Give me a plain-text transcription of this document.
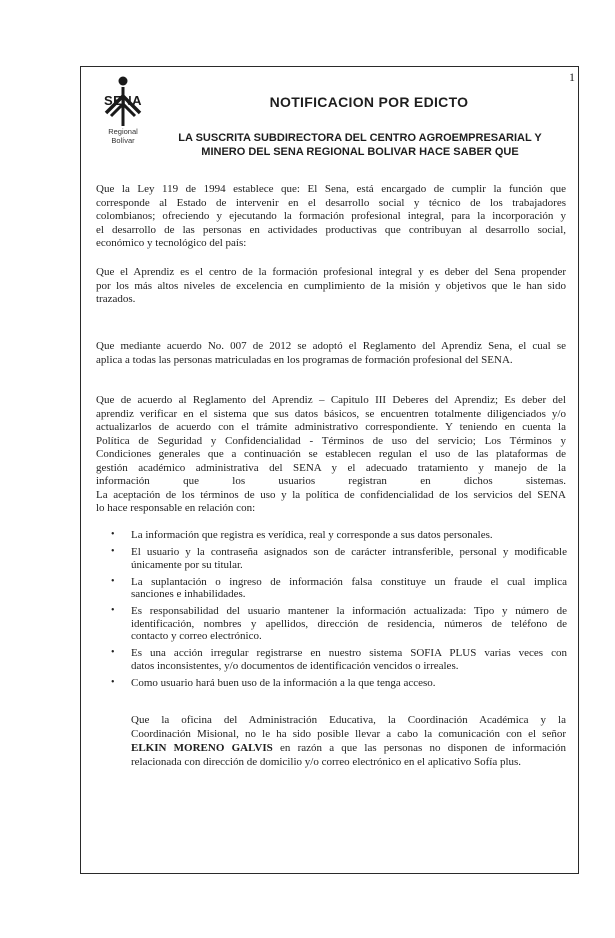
1
SENA
Regional
Bolívar
NOTIFICACION POR EDICTO
LA SUSCRITA SUBDIRECTORA DEL CENTRO AGROEMPRESARIAL Y
MINERO DEL SENA REGIONAL BOLIVAR HACE SABER QUE
Que la Ley 119 de 1994 establece que: El Sena, está encargado de cumplir la función que
corresponde al Estado de intervenir en el desarrollo social y técnico de los trabajadores
colombianos; ofreciendo y ejecutando la formación profesional integral, para la incorporación y
el desarrollo de las personas en actividades productivas que contribuyan al desarrollo social,
económico y tecnológico del país:
Que el Aprendiz es el centro de la formación profesional integral y es deber del Sena propender
por los más altos niveles de excelencia en cumplimiento de la misión y objetivos que le han sido
trazados.
Que mediante acuerdo No. 007 de 2012 se adoptó el Reglamento del Aprendiz Sena, el cual se
aplica a todas las personas matriculadas en los programas de formación profesional del SENA.
Que de acuerdo al Reglamento del Aprendiz – Capitulo III Deberes del Aprendiz; Es deber del
aprendiz verificar en el sistema que sus datos básicos, se encuentren totalmente diligenciados y/o
actualizarlos de acuerdo con el trámite administrativo correspondiente. Y teniendo en cuenta la
Política de Seguridad y Confidencialidad - Términos de uso del servicio; Los Términos y
Condiciones generales que a continuación se establecen regulan el uso de las plataformas de
gestión académico administrativa del SENA y el adecuado tratamiento y manejo de la
información que los usuarios registran en dichos sistemas.
La aceptación de los términos de uso y la política de confidencialidad de los servicios del SENA
lo hace responsable en relación con:
• La información que registra es verídica, real y corresponde a sus datos personales.
• El usuario y la contraseña asignados son de carácter intransferible, personal y modificable
únicamente por su titular.
• La suplantación o ingreso de información falsa constituye un fraude el cual implica
sanciones e inhabilidades.
• Es responsabilidad del usuario mantener la información actualizada: Tipo y número de
identificación, nombres y apellidos, dirección de residencia, números de teléfono de
contacto y correo electrónico.
• Es una acción irregular registrarse en nuestro sistema SOFIA PLUS varias veces con
datos inconsistentes, y/o documentos de identificación vencidos o irreales.
• Como usuario hará buen uso de la información a la que tenga acceso.
Que la oficina del Administración Educativa, la Coordinación Académica y la
Coordinación Misional, no le ha sido posible llevar a cabo la comunicación con el señor
ELKIN MORENO GALVIS en razón a que las personas no disponen de información
relacionada con dirección de domicilio y/o correo electrónico en el aplicativo Sofía plus.
